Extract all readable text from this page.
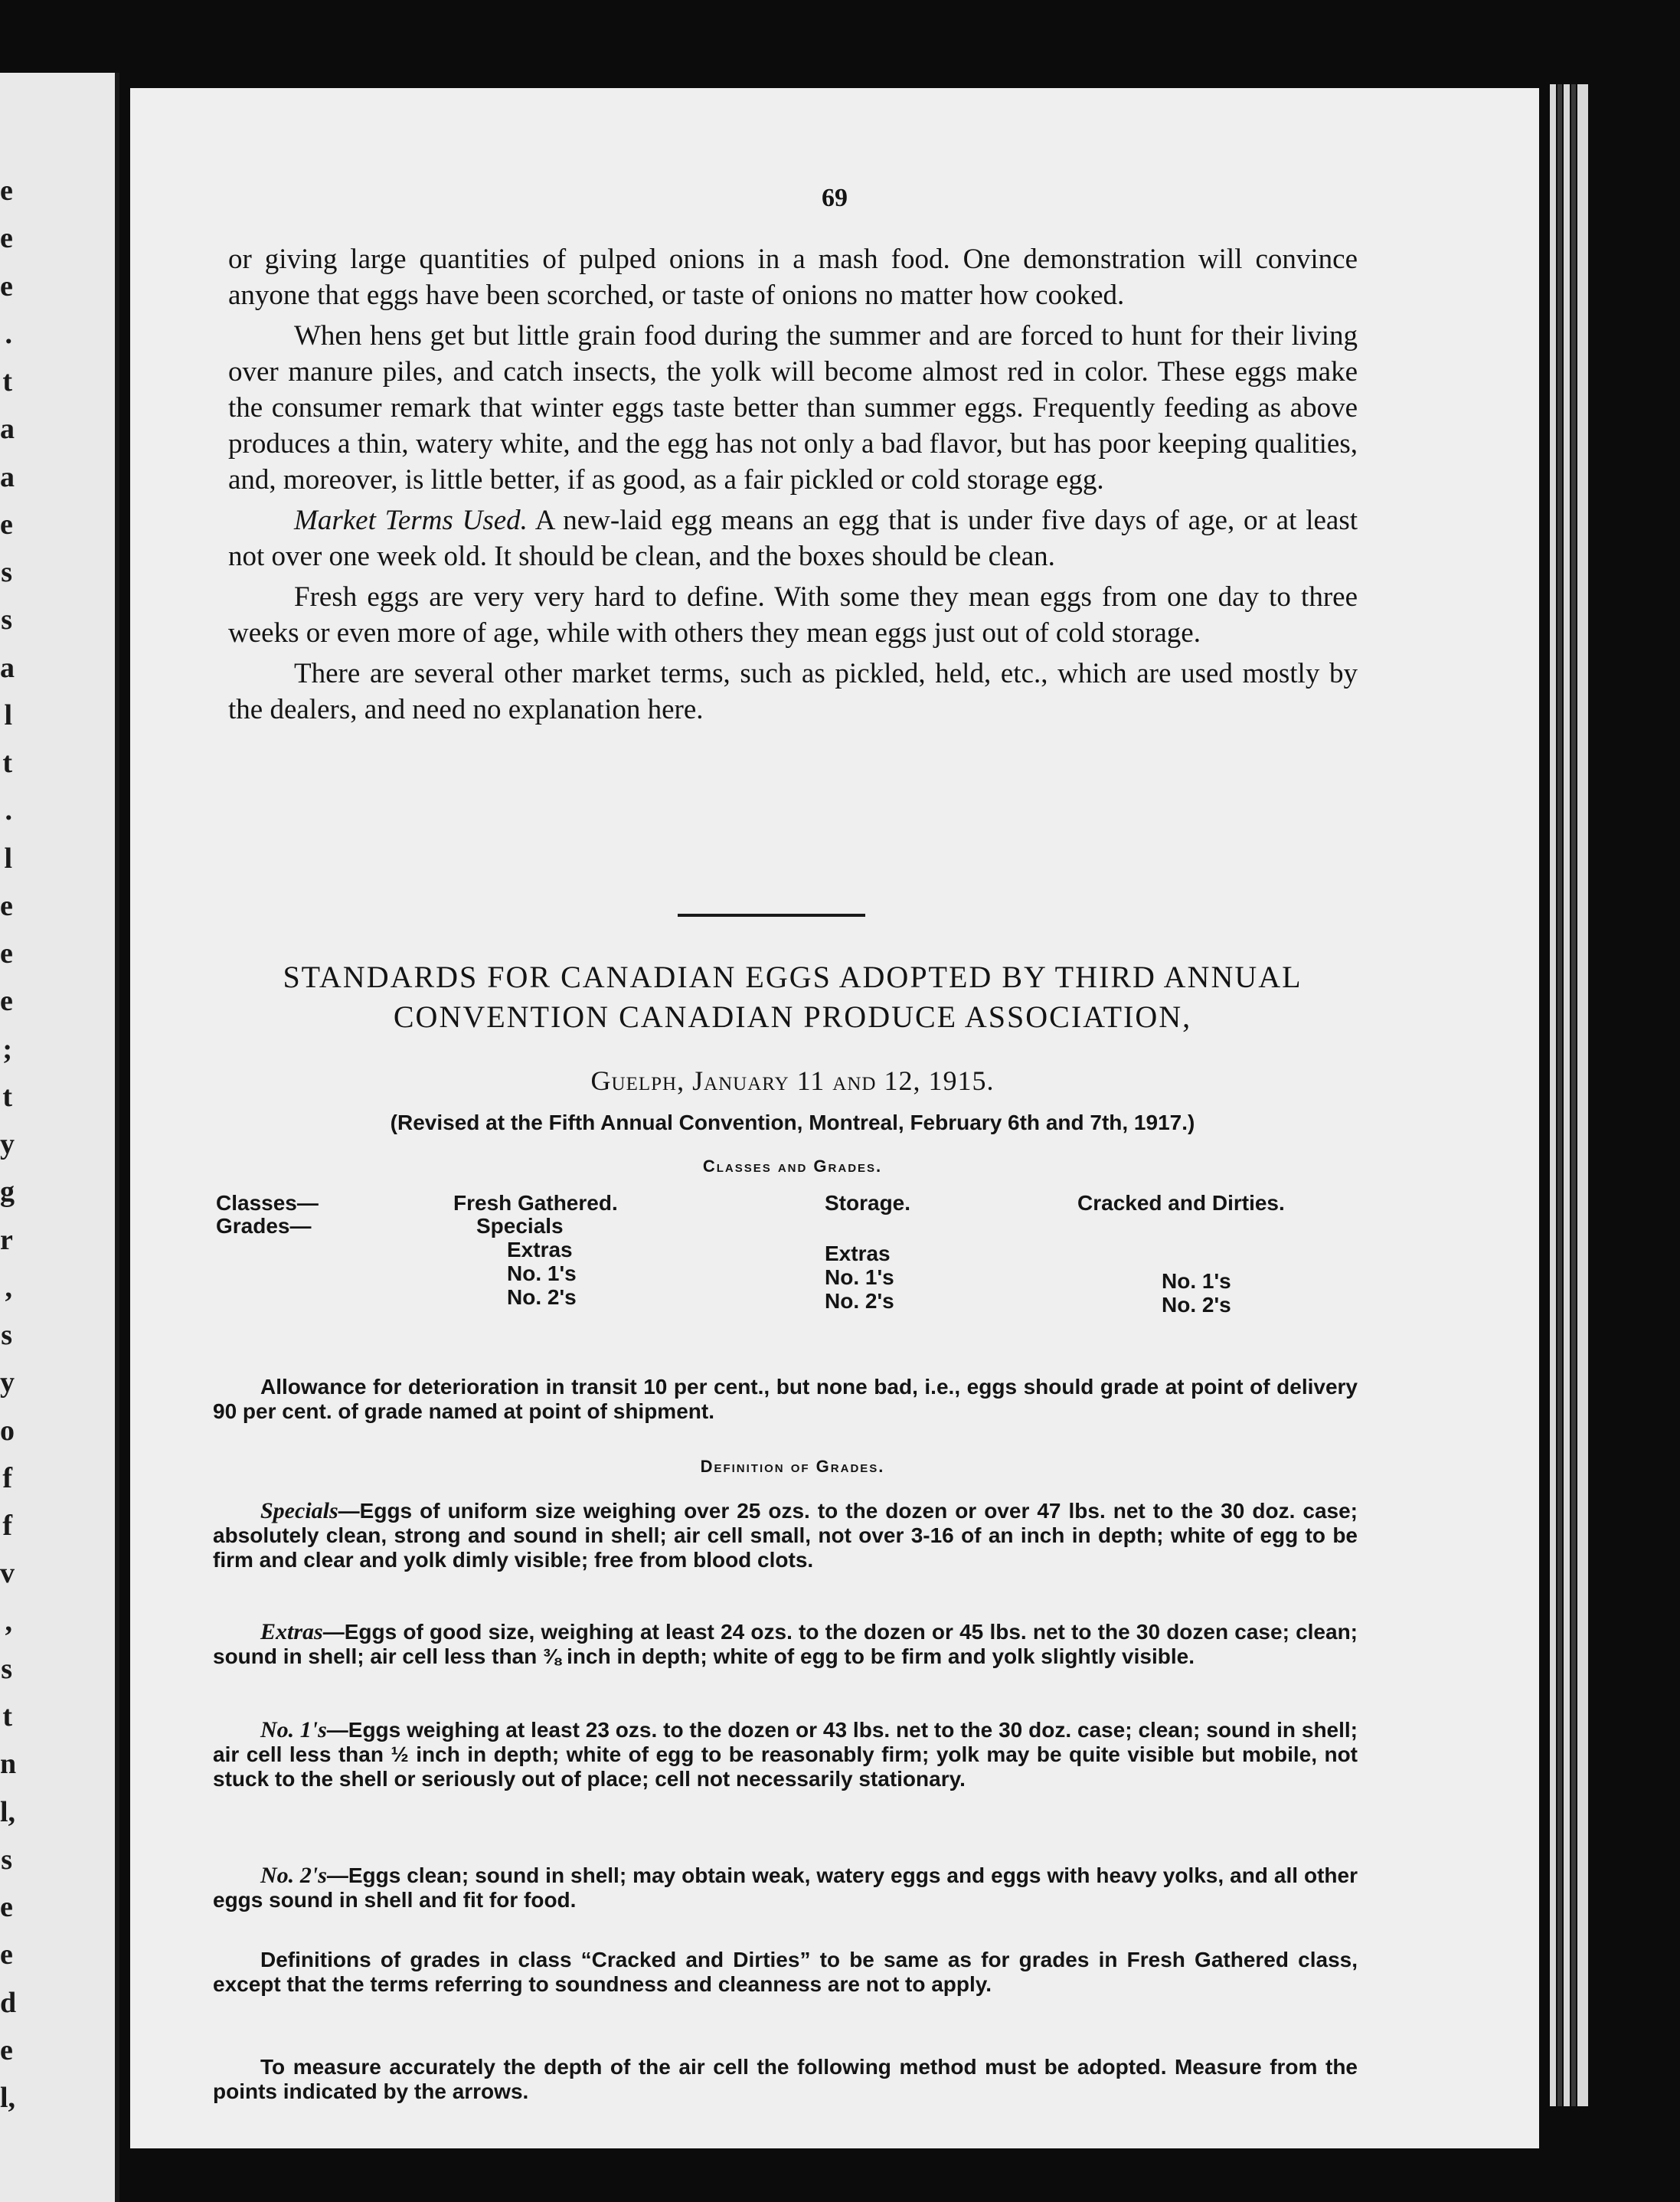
e
e
e
.
t
a
a
e
s
s
a
l
t
.
l
e
e
e
;
t
y
g
r
,
s
y
o
f
f
v
,
s
t
n
l,
s
e
e
d
e
l,
69

or giving large quantities of pulped onions in a mash food. One demonstration will convince anyone that eggs have been scorched, or taste of onions no matter how cooked.

When hens get but little grain food during the summer and are forced to hunt for their living over manure piles, and catch insects, the yolk will become almost red in color. These eggs make the consumer remark that winter eggs taste better than summer eggs. Frequently feeding as above produces a thin, watery white, and the egg has not only a bad flavor, but has poor keeping qualities, and, moreover, is little better, if as good, as a fair pickled or cold storage egg.

Market Terms Used. A new-laid egg means an egg that is under five days of age, or at least not over one week old. It should be clean, and the boxes should be clean.

Fresh eggs are very very hard to define. With some they mean eggs from one day to three weeks or even more of age, while with others they mean eggs just out of cold storage.

There are several other market terms, such as pickled, held, etc., which are used mostly by the dealers, and need no explanation here.

STANDARDS FOR CANADIAN EGGS ADOPTED BY THIRD ANNUAL
CONVENTION CANADIAN PRODUCE ASSOCIATION,
Guelph, January 11 and 12, 1915.
(Revised at the Fifth Annual Convention, Montreal, February 6th and 7th, 1917.)
Classes and Grades.
Classes—
Grades—
Fresh Gathered.
Specials
Extras
No. 1's
No. 2's
Storage.
Extras
No. 1's
No. 2's
Cracked and Dirties.
No. 1's
No. 2's

Allowance for deterioration in transit 10 per cent., but none bad, i.e., eggs should grade at point of delivery 90 per cent. of grade named at point of shipment.

Definition of Grades.

Specials—Eggs of uniform size weighing over 25 ozs. to the dozen or over 47 lbs. net to the 30 doz. case; absolutely clean, strong and sound in shell; air cell small, not over 3-16 of an inch in depth; white of egg to be firm and clear and yolk dimly visible; free from blood clots.

Extras—Eggs of good size, weighing at least 24 ozs. to the dozen or 45 lbs. net to the 30 dozen case; clean; sound in shell; air cell less than ⅜ inch in depth; white of egg to be firm and yolk slightly visible.

No. 1's—Eggs weighing at least 23 ozs. to the dozen or 43 lbs. net to the 30 doz. case; clean; sound in shell; air cell less than ½ inch in depth; white of egg to be reasonably firm; yolk may be quite visible but mobile, not stuck to the shell or seriously out of place; cell not necessarily stationary.

No. 2's—Eggs clean; sound in shell; may obtain weak, watery eggs and eggs with heavy yolks, and all other eggs sound in shell and fit for food.

Definitions of grades in class “Cracked and Dirties” to be same as for grades in Fresh Gathered class, except that the terms referring to soundness and cleanness are not to apply.

To measure accurately the depth of the air cell the following method must be adopted. Measure from the points indicated by the arrows.
